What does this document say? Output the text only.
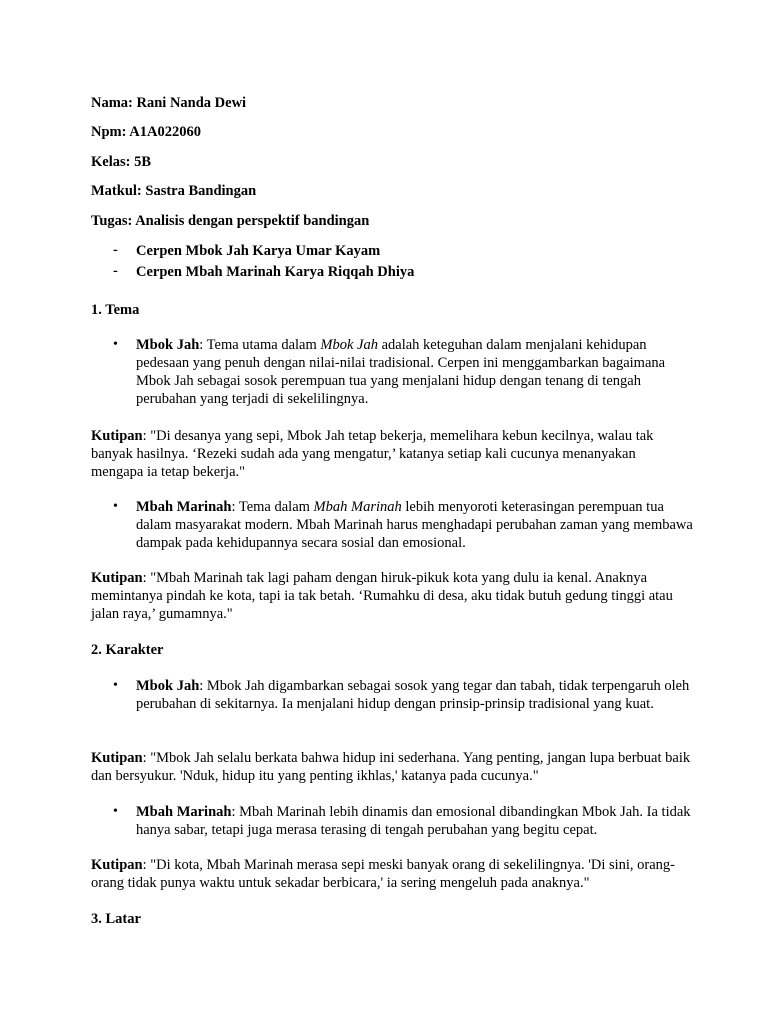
Nama: Rani Nanda Dewi
Npm: A1A022060
Kelas: 5B
Matkul: Sastra Bandingan
Tugas: Analisis dengan perspektif bandingan
- Cerpen Mbok Jah Karya Umar Kayam
- Cerpen Mbah Marinah Karya Riqqah Dhiya
1. Tema
• Mbok Jah: Tema utama dalam Mbok Jah adalah keteguhan dalam menjalani kehidupan pedesaan yang penuh dengan nilai-nilai tradisional. Cerpen ini menggambarkan bagaimana Mbok Jah sebagai sosok perempuan tua yang menjalani hidup dengan tenang di tengah perubahan yang terjadi di sekelilingnya.
Kutipan: "Di desanya yang sepi, Mbok Jah tetap bekerja, memelihara kebun kecilnya, walau tak banyak hasilnya. ‘Rezeki sudah ada yang mengatur,’ katanya setiap kali cucunya menanyakan mengapa ia tetap bekerja."
• Mbah Marinah: Tema dalam Mbah Marinah lebih menyoroti keterasingan perempuan tua dalam masyarakat modern. Mbah Marinah harus menghadapi perubahan zaman yang membawa dampak pada kehidupannya secara sosial dan emosional.
Kutipan: "Mbah Marinah tak lagi paham dengan hiruk-pikuk kota yang dulu ia kenal. Anaknya memintanya pindah ke kota, tapi ia tak betah. ‘Rumahku di desa, aku tidak butuh gedung tinggi atau jalan raya,’ gumamnya."
2. Karakter
• Mbok Jah: Mbok Jah digambarkan sebagai sosok yang tegar dan tabah, tidak terpengaruh oleh perubahan di sekitarnya. Ia menjalani hidup dengan prinsip-prinsip tradisional yang kuat.
Kutipan: "Mbok Jah selalu berkata bahwa hidup ini sederhana. Yang penting, jangan lupa berbuat baik dan bersyukur. 'Nduk, hidup itu yang penting ikhlas,' katanya pada cucunya."
• Mbah Marinah: Mbah Marinah lebih dinamis dan emosional dibandingkan Mbok Jah. Ia tidak hanya sabar, tetapi juga merasa terasing di tengah perubahan yang begitu cepat.
Kutipan: "Di kota, Mbah Marinah merasa sepi meski banyak orang di sekelilingnya. 'Di sini, orang-orang tidak punya waktu untuk sekadar berbicara,' ia sering mengeluh pada anaknya."
3. Latar
